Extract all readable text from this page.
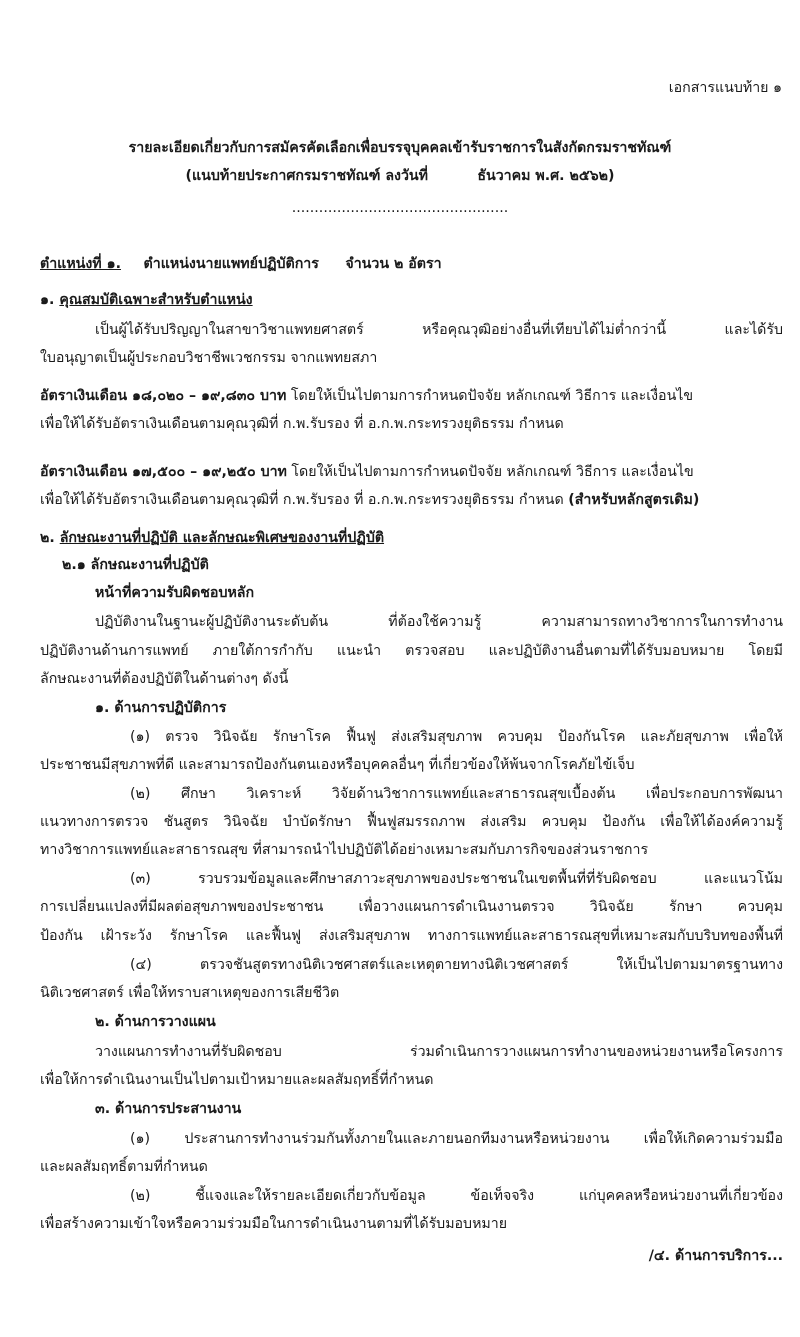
เอกสารแนบท้าย ๑
รายละเอียดเกี่ยวกับการสมัครคัดเลือกเพื่อบรรจุบุคคลเข้ารับราชการในสังกัดกรมราชทัณฑ์
(แนบท้ายประกาศกรมราชทัณฑ์ ลงวันที่          ธันวาคม พ.ศ. ๒๕๖๒)
................................................
ตำแหน่งที่ ๑. ตำแหน่งนายแพทย์ปฏิบัติการ จำนวน ๒ อัตรา
๑. คุณสมบัติเฉพาะสำหรับตำแหน่ง
เป็นผู้ได้รับปริญญาในสาขาวิชาแพทยศาสตร์ หรือคุณวุฒิอย่างอื่นที่เทียบได้ไม่ต่ำกว่านี้ และได้รับ
ใบอนุญาตเป็นผู้ประกอบวิชาชีพเวชกรรม จากแพทยสภา
อัตราเงินเดือน ๑๘,๐๒๐ – ๑๙,๘๓๐ บาท โดยให้เป็นไปตามการกำหนดปัจจัย หลักเกณฑ์ วิธีการ และเงื่อนไข
เพื่อให้ได้รับอัตราเงินเดือนตามคุณวุฒิที่ ก.พ.รับรอง ที่ อ.ก.พ.กระทรวงยุติธรรม กำหนด
อัตราเงินเดือน ๑๗,๕๐๐ – ๑๙,๒๕๐ บาท โดยให้เป็นไปตามการกำหนดปัจจัย หลักเกณฑ์ วิธีการ และเงื่อนไข
เพื่อให้ได้รับอัตราเงินเดือนตามคุณวุฒิที่ ก.พ.รับรอง ที่ อ.ก.พ.กระทรวงยุติธรรม กำหนด (สำหรับหลักสูตรเดิม)
๒. ลักษณะงานที่ปฏิบัติ และลักษณะพิเศษของงานที่ปฏิบัติ
๒.๑ ลักษณะงานที่ปฏิบัติ
หน้าที่ความรับผิดชอบหลัก
ปฏิบัติงานในฐานะผู้ปฏิบัติงานระดับต้น ที่ต้องใช้ความรู้ ความสามารถทางวิชาการในการทำงาน
ปฏิบัติงานด้านการแพทย์ ภายใต้การกำกับ แนะนำ ตรวจสอบ และปฏิบัติงานอื่นตามที่ได้รับมอบหมาย โดยมี
ลักษณะงานที่ต้องปฏิบัติในด้านต่างๆ ดังนี้
๑. ด้านการปฏิบัติการ
(๑) ตรวจ วินิจฉัย รักษาโรค ฟื้นฟู ส่งเสริมสุขภาพ ควบคุม ป้องกันโรค และภัยสุขภาพ เพื่อให้
ประชาชนมีสุขภาพที่ดี และสามารถป้องกันตนเองหรือบุคคลอื่นๆ ที่เกี่ยวข้องให้พ้นจากโรคภัยไข้เจ็บ
(๒) ศึกษา วิเคราะห์ วิจัยด้านวิชาการแพทย์และสาธารณสุขเบื้องต้น เพื่อประกอบการพัฒนา
แนวทางการตรวจ ชันสูตร วินิจฉัย บำบัดรักษา ฟื้นฟูสมรรถภาพ ส่งเสริม ควบคุม ป้องกัน เพื่อให้ได้องค์ความรู้
ทางวิชาการแพทย์และสาธารณสุข ที่สามารถนำไปปฏิบัติได้อย่างเหมาะสมกับภารกิจของส่วนราชการ
(๓) รวบรวมข้อมูลและศึกษาสภาวะสุขภาพของประชาชนในเขตพื้นที่ที่รับผิดชอบ และแนวโน้ม
การเปลี่ยนแปลงที่มีผลต่อสุขภาพของประชาชน เพื่อวางแผนการดำเนินงานตรวจ วินิจฉัย รักษา ควบคุม
ป้องกัน เฝ้าระวัง รักษาโรค และฟื้นฟู ส่งเสริมสุขภาพ ทางการแพทย์และสาธารณสุขที่เหมาะสมกับบริบทของพื้นที่
(๔) ตรวจชันสูตรทางนิติเวชศาสตร์และเหตุตายทางนิติเวชศาสตร์ ให้เป็นไปตามมาตรฐานทาง
นิติเวชศาสตร์ เพื่อให้ทราบสาเหตุของการเสียชีวิต
๒. ด้านการวางแผน
วางแผนการทำงานที่รับผิดชอบ ร่วมดำเนินการวางแผนการทำงานของหน่วยงานหรือโครงการ
เพื่อให้การดำเนินงานเป็นไปตามเป้าหมายและผลสัมฤทธิ์ที่กำหนด
๓. ด้านการประสานงาน
(๑) ประสานการทำงานร่วมกันทั้งภายในและภายนอกทีมงานหรือหน่วยงาน เพื่อให้เกิดความร่วมมือ
และผลสัมฤทธิ์ตามที่กำหนด
(๒) ชี้แจงและให้รายละเอียดเกี่ยวกับข้อมูล ข้อเท็จจริง แก่บุคคลหรือหน่วยงานที่เกี่ยวข้อง
เพื่อสร้างความเข้าใจหรือความร่วมมือในการดำเนินงานตามที่ได้รับมอบหมาย
/๔. ด้านการบริการ...
